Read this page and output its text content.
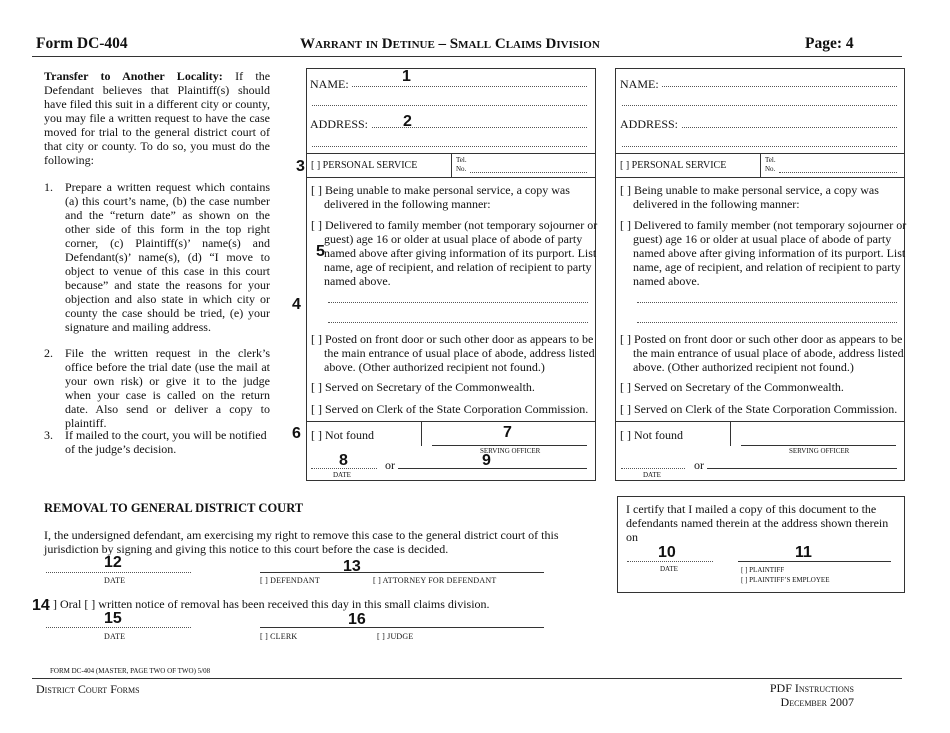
Form DC-404	Warrant in Detinue – Small Claims Division	Page: 4
Transfer to Another Locality: If the Defendant believes that Plaintiff(s) should have filed this suit in a different city or county, you may file a written request to have the case moved for trial to the general district court of that city or county. To do so, you must do the following:
1. Prepare a written request which contains (a) this court’s name, (b) the case number and the “return date” as shown on the other side of this form in the top right corner, (c) Plaintiff(s)’ name(s) and Defendant(s)’ name(s), (d) “I move to object to venue of this case in this court because” and state the reasons for your objection and also state in which city or county the case should be tried, (e) your signature and mailing address.
2. File the written request in the clerk’s office before the trial date (use the mail at your own risk) or give it to the judge when your case is called on the return date. Also send or deliver a copy to plaintiff.
3. If mailed to the court, you will be notified of the judge’s decision.
NAME:
ADDRESS:
[ ] PERSONAL SERVICE	Tel.
No.
[ ] Being unable to make personal service, a copy was delivered in the following manner:
[ ] Delivered to family member (not temporary sojourner or guest) age 16 or older at usual place of abode of party named above after giving information of its purport. List name, age of recipient, and relation of recipient to party named above.
[ ] Posted on front door or such other door as appears to be the main entrance of usual place of abode, address listed above. (Other authorized recipient not found.)
[ ] Served on Secretary of the Commonwealth.
[ ] Served on Clerk of the State Corporation Commission.
[ ] Not found
SERVING OFFICER
or
DATE
NAME:
ADDRESS:
[ ] PERSONAL SERVICE	Tel.
No.
[ ] Being unable to make personal service, a copy was delivered in the following manner:
[ ] Delivered to family member (not temporary sojourner or guest) age 16 or older at usual place of abode of party named above after giving information of its purport. List name, age of recipient, and relation of recipient to party named above.
[ ] Posted on front door or such other door as appears to be the main entrance of usual place of abode, address listed above. (Other authorized recipient not found.)
[ ] Served on Secretary of the Commonwealth.
[ ] Served on Clerk of the State Corporation Commission.
[ ] Not found
SERVING OFFICER
or
DATE
I certify that I mailed a copy of this document to the defendants named therein at the address shown therein on
DATE	[ ] PLAINTIFF
[ ] PLAINTIFF’S EMPLOYEE
REMOVAL TO GENERAL DISTRICT COURT
I, the undersigned defendant, am exercising my right to remove this case to the general district court of this jurisdiction by signing and giving this notice to this court before the case is decided.
DATE	[ ] DEFENDANT	[ ] ATTORNEY FOR DEFENDANT
[ ] Oral [ ] written notice of removal has been received this day in this small claims division.
DATE	[ ] CLERK	[ ] JUDGE
1
2
3
4
5
6	7
8	9
10	11
12	13
14
15	16
FORM DC-404 (MASTER, PAGE TWO OF TWO) 5/08
District Court Forms	PDF Instructions
December 2007
